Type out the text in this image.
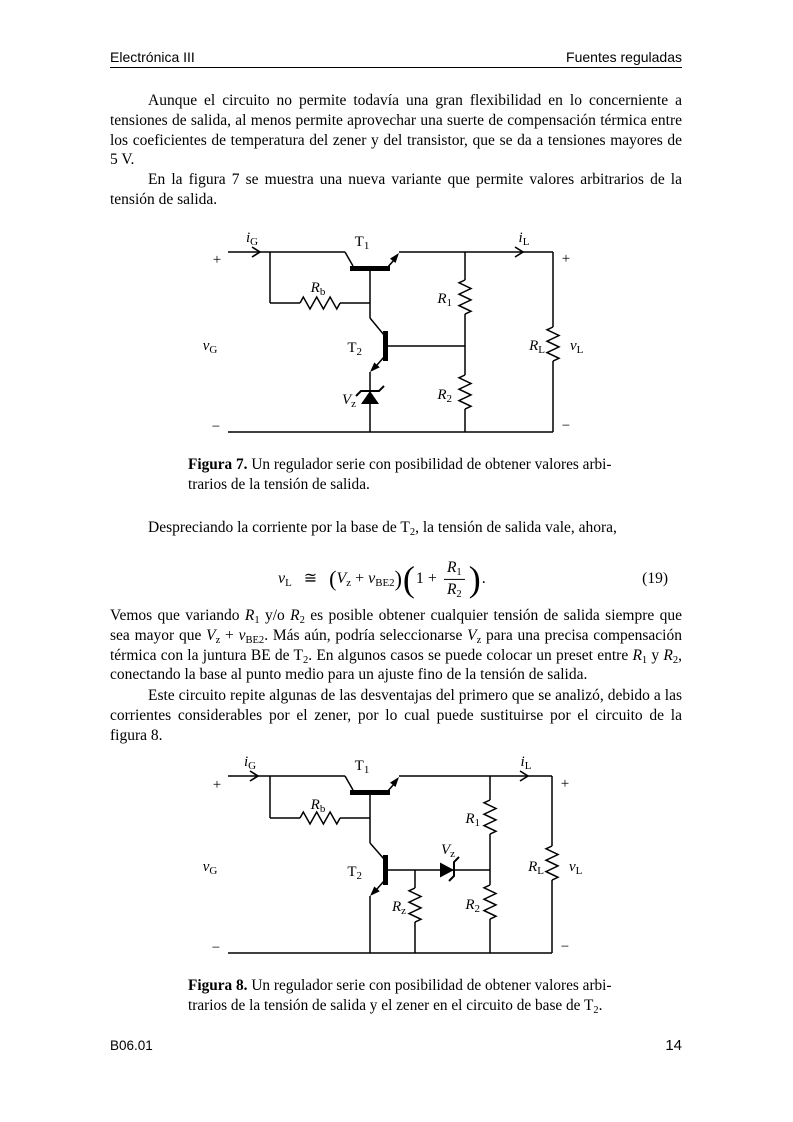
Electrónica III	Fuentes reguladas
Aunque el circuito no permite todavía una gran flexibilidad en lo concerniente a tensiones de salida, al menos permite aprovechar una suerte de compensación térmica entre los coeficientes de temperatura del zener y del transistor, que se da a tensiones mayores de 5 V.
En la figura 7 se muestra una nueva variante que permite valores arbitrarios de la tensión de salida.
$i_G$	$T_1$	$i_L$
+	+
$R_b$	$R_1$
$T_2$
$V_z$
$R_2$
$R_L$ $v_L$
$v_G$
−	−
Figura 7. Un regulador serie con posibilidad de obtener valores arbi-
trarios de la tensión de salida.
Despreciando la corriente por la base de $T_2$, la tensión de salida vale, ahora,
$v_L$ ≅ ( $V_z + v_{BE2}$ ) ( $1 + \frac{R_1}{R_2}$ ) .	(19)
Vemos que variando $R_1$ y/o $R_2$ es posible obtener cualquier tensión de salida siempre que sea mayor que $V_z + v_{BE2}$. Más aún, podría seleccionarse $V_z$ para una precisa compensación térmica con la juntura BE de $T_2$. En algunos casos se puede colocar un preset entre $R_1$ y $R_2$, conectando la base al punto medio para un ajuste fino de la tensión de salida.
Este circuito repite algunas de las desventajas del primero que se analizó, debido a las corrientes considerables por el zener, por lo cual puede sustituirse por el circuito de la figura 8.
$i_G$	$T_1$	$i_L$
+	+
$R_b$
$R_1$
$V_z$
$T_2$
$R_z$	$R_2$
$R_L$ $v_L$
$v_G$
−	−
Figura 8. Un regulador serie con posibilidad de obtener valores arbi-
trarios de la tensión de salida y el zener en el circuito de base de $T_2$.
B06.01	14
